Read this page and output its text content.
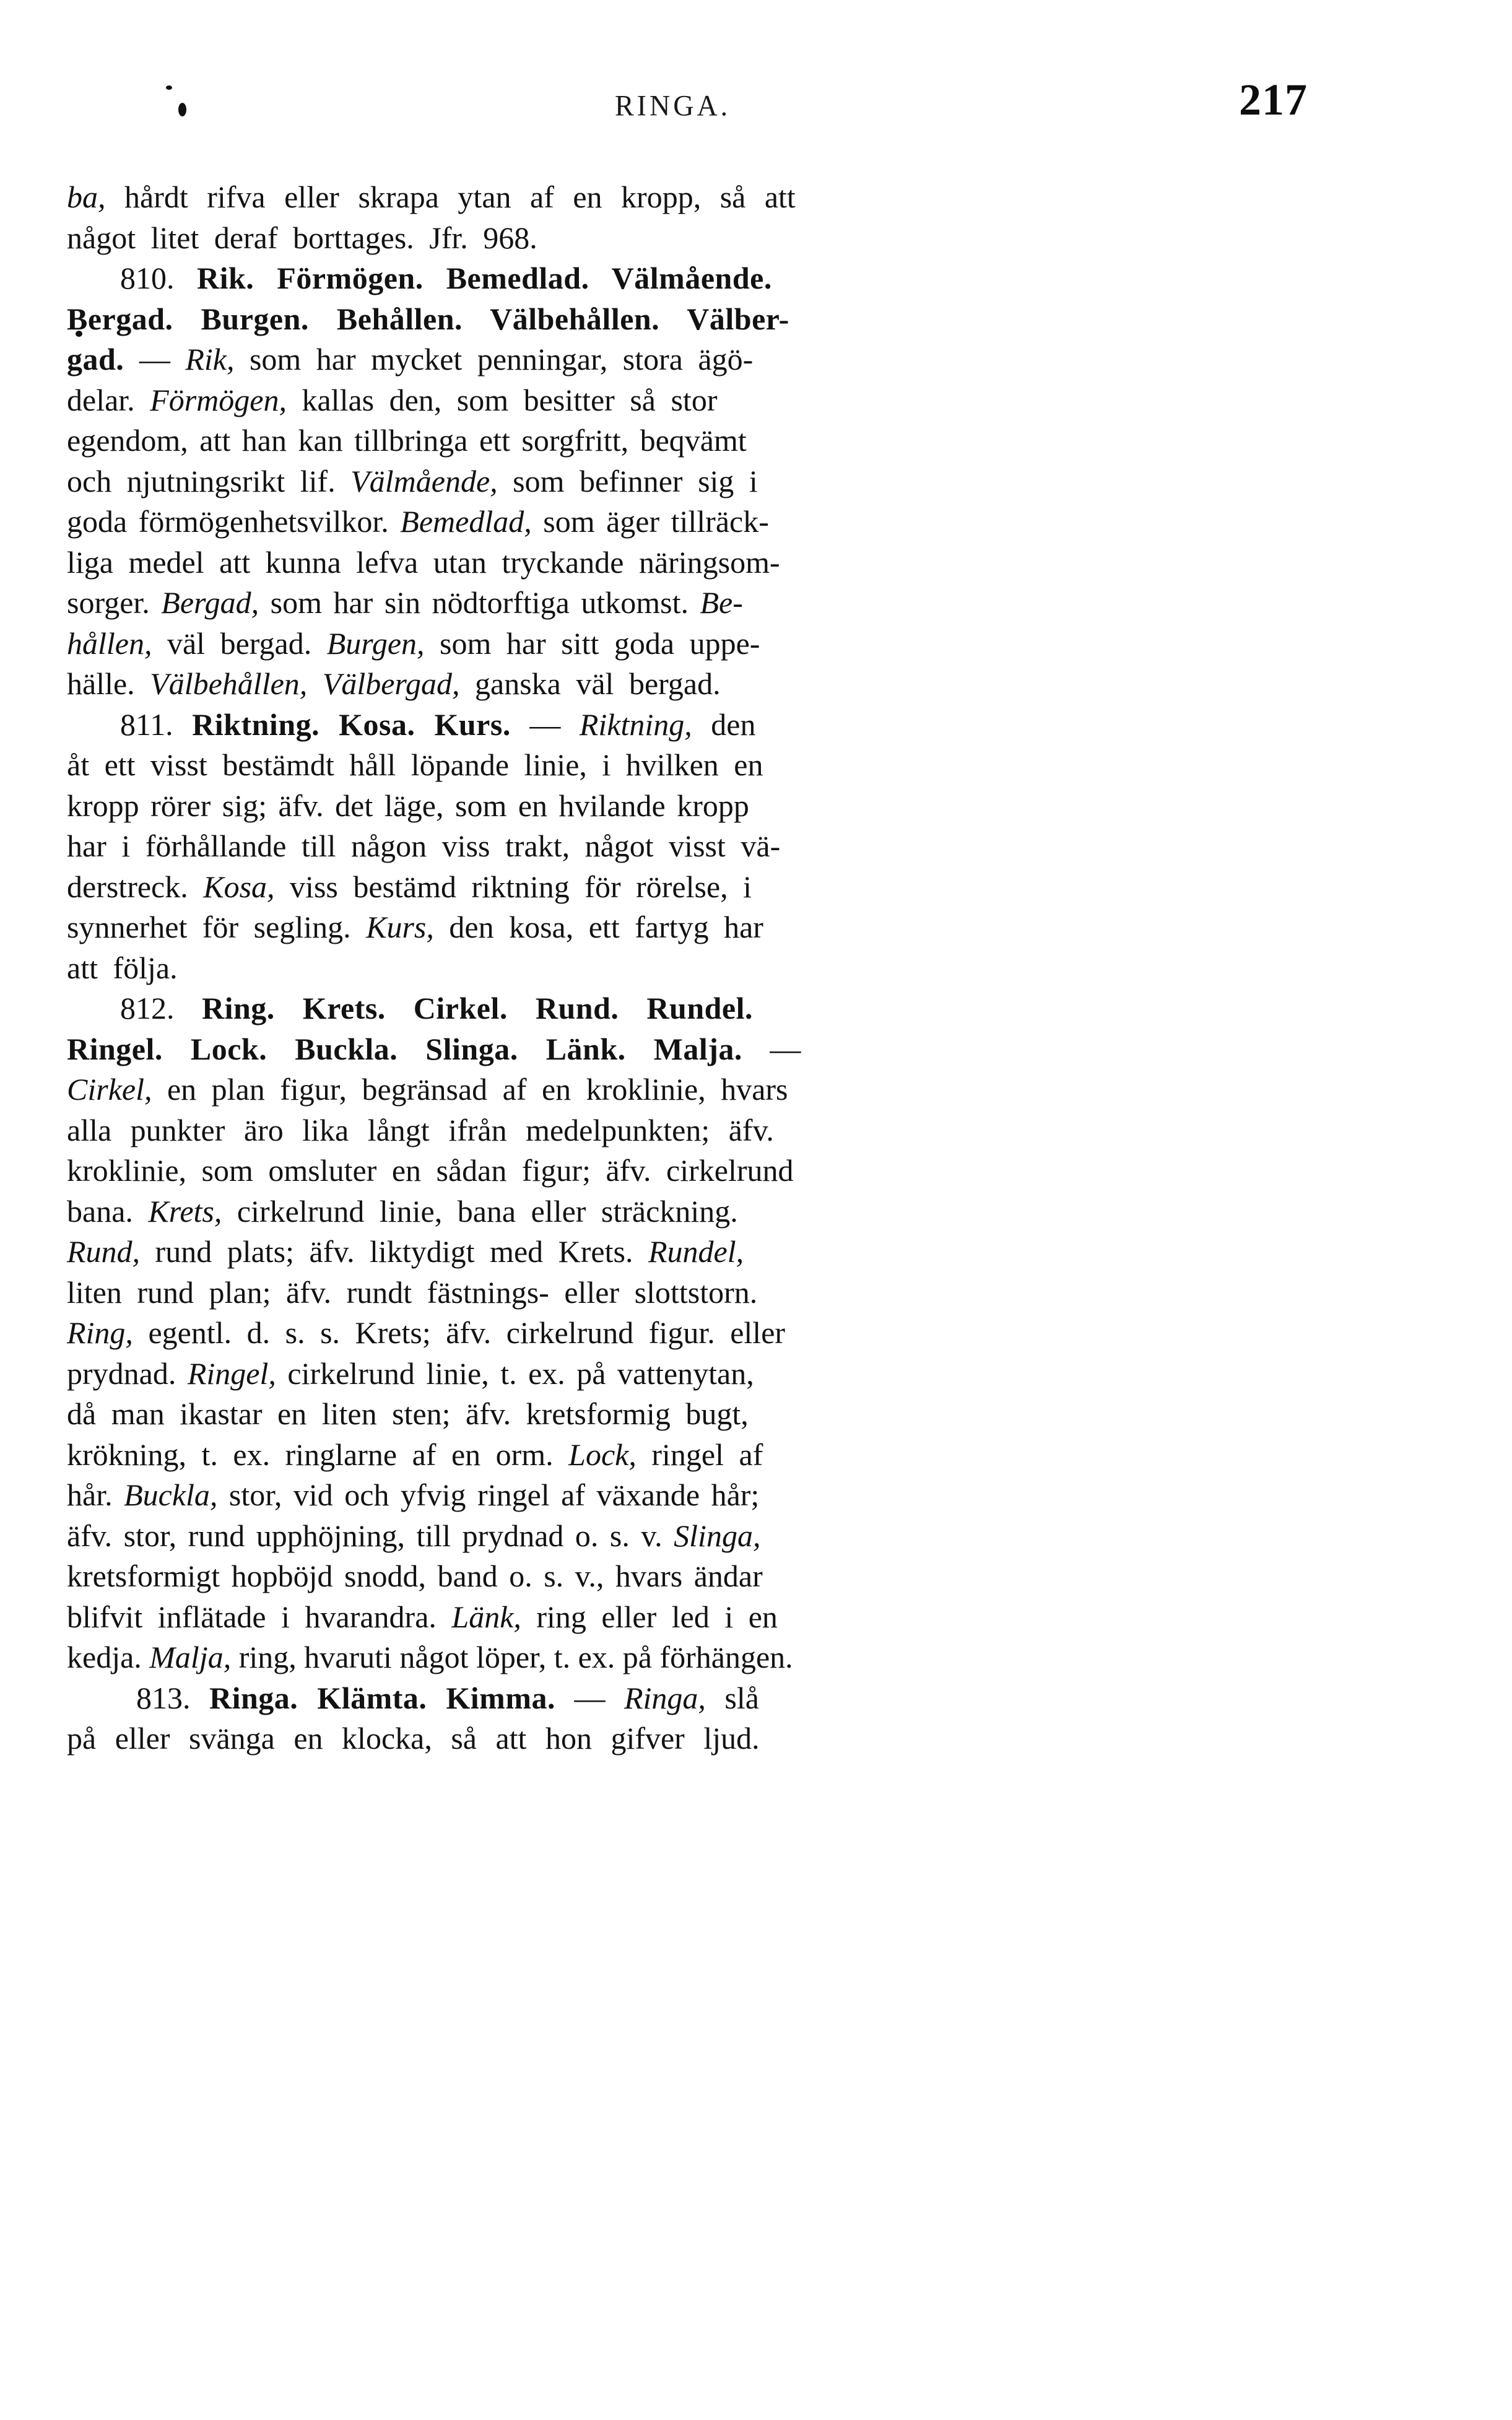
RINGA.	217
ba, hårdt rifva eller skrapa ytan af en kropp, så att
något litet deraf borttages. Jfr. 968.
810. Rik. Förmögen. Bemedlad. Välmående.
Bergad. Burgen. Behållen. Välbehållen. Välber-
gad. — Rik, som har mycket penningar, stora ägö-
delar. Förmögen, kallas den, som besitter så stor
egendom, att han kan tillbringa ett sorgfritt, beqvämt
och njutningsrikt lif. Välmående, som befinner sig i
goda förmögenhetsvilkor. Bemedlad, som äger tillräck-
liga medel att kunna lefva utan tryckande näringsom-
sorger. Bergad, som har sin nödtorftiga utkomst. Be-
hållen, väl bergad. Burgen, som har sitt goda uppe-
hälle. Välbehållen, Välbergad, ganska väl bergad.
811. Riktning. Kosa. Kurs. — Riktning, den
åt ett visst bestämdt håll löpande linie, i hvilken en
kropp rörer sig; äfv. det läge, som en hvilande kropp
har i förhållande till någon viss trakt, något visst vä-
derstreck. Kosa, viss bestämd riktning för rörelse, i
synnerhet för segling. Kurs, den kosa, ett fartyg har
att följa.
812. Ring. Krets. Cirkel. Rund. Rundel.
Ringel. Lock. Buckla. Slinga. Länk. Malja. —
Cirkel, en plan figur, begränsad af en kroklinie, hvars
alla punkter äro lika långt ifrån medelpunkten; äfv.
kroklinie, som omsluter en sådan figur; äfv. cirkelrund
bana. Krets, cirkelrund linie, bana eller sträckning.
Rund, rund plats; äfv. liktydigt med Krets. Rundel,
liten rund plan; äfv. rundt fästnings- eller slottstorn.
Ring, egentl. d. s. s. Krets; äfv. cirkelrund figur. eller
prydnad. Ringel, cirkelrund linie, t. ex. på vattenytan,
då man ikastar en liten sten; äfv. kretsformig bugt,
krökning, t. ex. ringlarne af en orm. Lock, ringel af
hår. Buckla, stor, vid och yfvig ringel af växande hår;
äfv. stor, rund upphöjning, till prydnad o. s. v. Slinga,
kretsformigt hopböjd snodd, band o. s. v., hvars ändar
blifvit inflätade i hvarandra. Länk, ring eller led i en
kedja. Malja, ring, hvaruti något löper, t. ex. på förhängen.
813. Ringa. Klämta. Kimma. — Ringa, slå
på eller svänga en klocka, så att hon gifver ljud.
